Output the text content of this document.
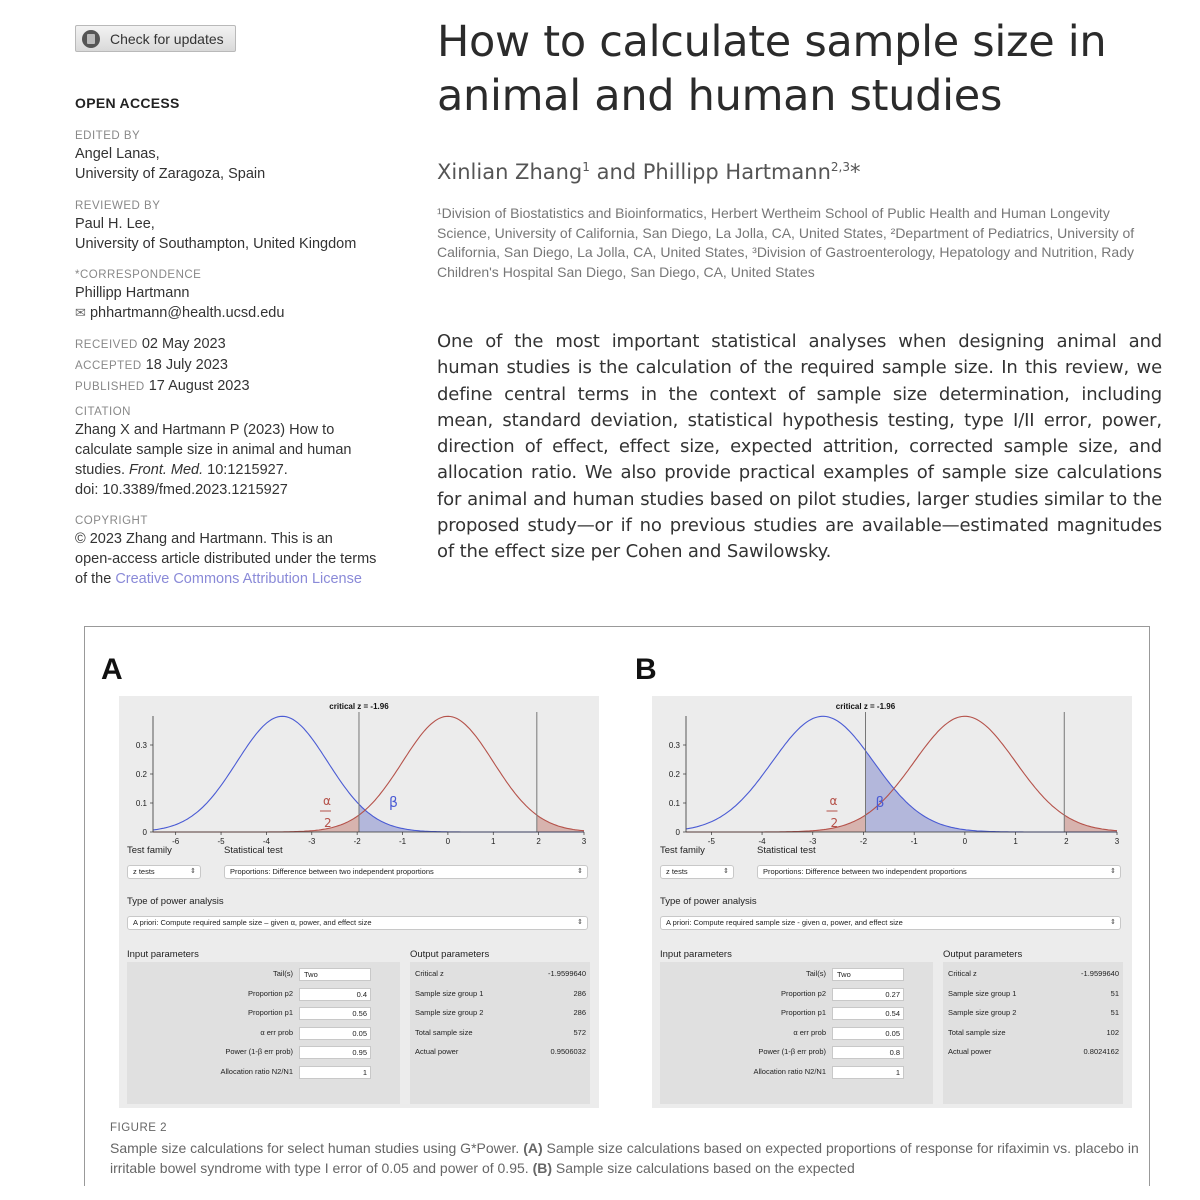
Check for updates
OPEN ACCESS
EDITED BY

Angel Lanas,

University of Zaragoza, Spain

REVIEWED BY

Paul H. Lee,

University of Southampton, United Kingdom

*CORRESPONDENCE

Phillipp Hartmann

✉ phhartmann@health.ucsd.edu

RECEIVED 02 May 2023

ACCEPTED 18 July 2023

PUBLISHED 17 August 2023

CITATION

Zhang X and Hartmann P (2023) How to

calculate sample size in animal and human

studies. Front. Med. 10:1215927.

doi: 10.3389/fmed.2023.1215927

COPYRIGHT

© 2023 Zhang and Hartmann. This is an

open-access article distributed under the terms

of the Creative Commons Attribution License

How to calculate sample size in
animal and human studies
Xinlian Zhang$^1$ and Phillipp Hartmann$^{2,3}$*
¹Division of Biostatistics and Bioinformatics, Herbert Wertheim School of Public Health and Human Longevity Science, University of California, San Diego, La Jolla, CA, United States, ²Department of Pediatrics, University of California, San Diego, La Jolla, CA, United States, ³Division of Gastroenterology, Hepatology and Nutrition, Rady Children's Hospital San Diego, San Diego, CA, United States
One of the most important statistical analyses when designing animal and human studies is the calculation of the required sample size. In this review, we define central terms in the context of sample size determination, including mean, standard deviation, statistical hypothesis testing, type I/II error, power, direction of effect, effect size, expected attrition, corrected sample size, and allocation ratio. We also provide practical examples of sample size calculations for animal and human studies based on pilot studies, larger studies similar to the proposed study—or if no previous studies are available—estimated magnitudes of the effect size per Cohen and Sawilowsky.
A	B
0
0.1
0.2
0.3
-6	-5	-4	-3	-2	-1	0	1	2	3
critical z = -1.96
α
2
β
Test family	Statistical test
z tests	⇕	Proportions: Difference between two independent proportions	⇕
Type of power analysis
A priori: Compute required sample size – given α, power, and effect size	⇕
Input parameters	Output parameters
Tail(s)	Two
Proportion p2	0.4
Proportion p1	0.56
α err prob	0.05
Power (1-β err prob)	0.95
Allocation ratio N2/N1	1
Critical z	-1.9599640
Sample size group 1	286
Sample size group 2	286
Total sample size	572
Actual power	0.9506032
0
0.1
0.2
0.3
-5	-4	-3	-2	-1	0	1	2	3
critical z = -1.96
α
2
β
Test family	Statistical test
z tests	⇕	Proportions: Difference between two independent proportions	⇕
Type of power analysis
A priori: Compute required sample size - given α, power, and effect size	⇕
Input parameters	Output parameters
Tail(s)	Two
Proportion p2	0.27
Proportion p1	0.54
α err prob	0.05
Power (1-β err prob)	0.8
Allocation ratio N2/N1	1
Critical z	-1.9599640
Sample size group 1	51
Sample size group 2	51
Total sample size	102
Actual power	0.8024162
FIGURE 2
Sample size calculations for select human studies using G*Power. (A) Sample size calculations based on expected proportions of response for rifaximin vs. placebo in irritable bowel syndrome with type I error of 0.05 and power of 0.95. (B) Sample size calculations based on the expected
